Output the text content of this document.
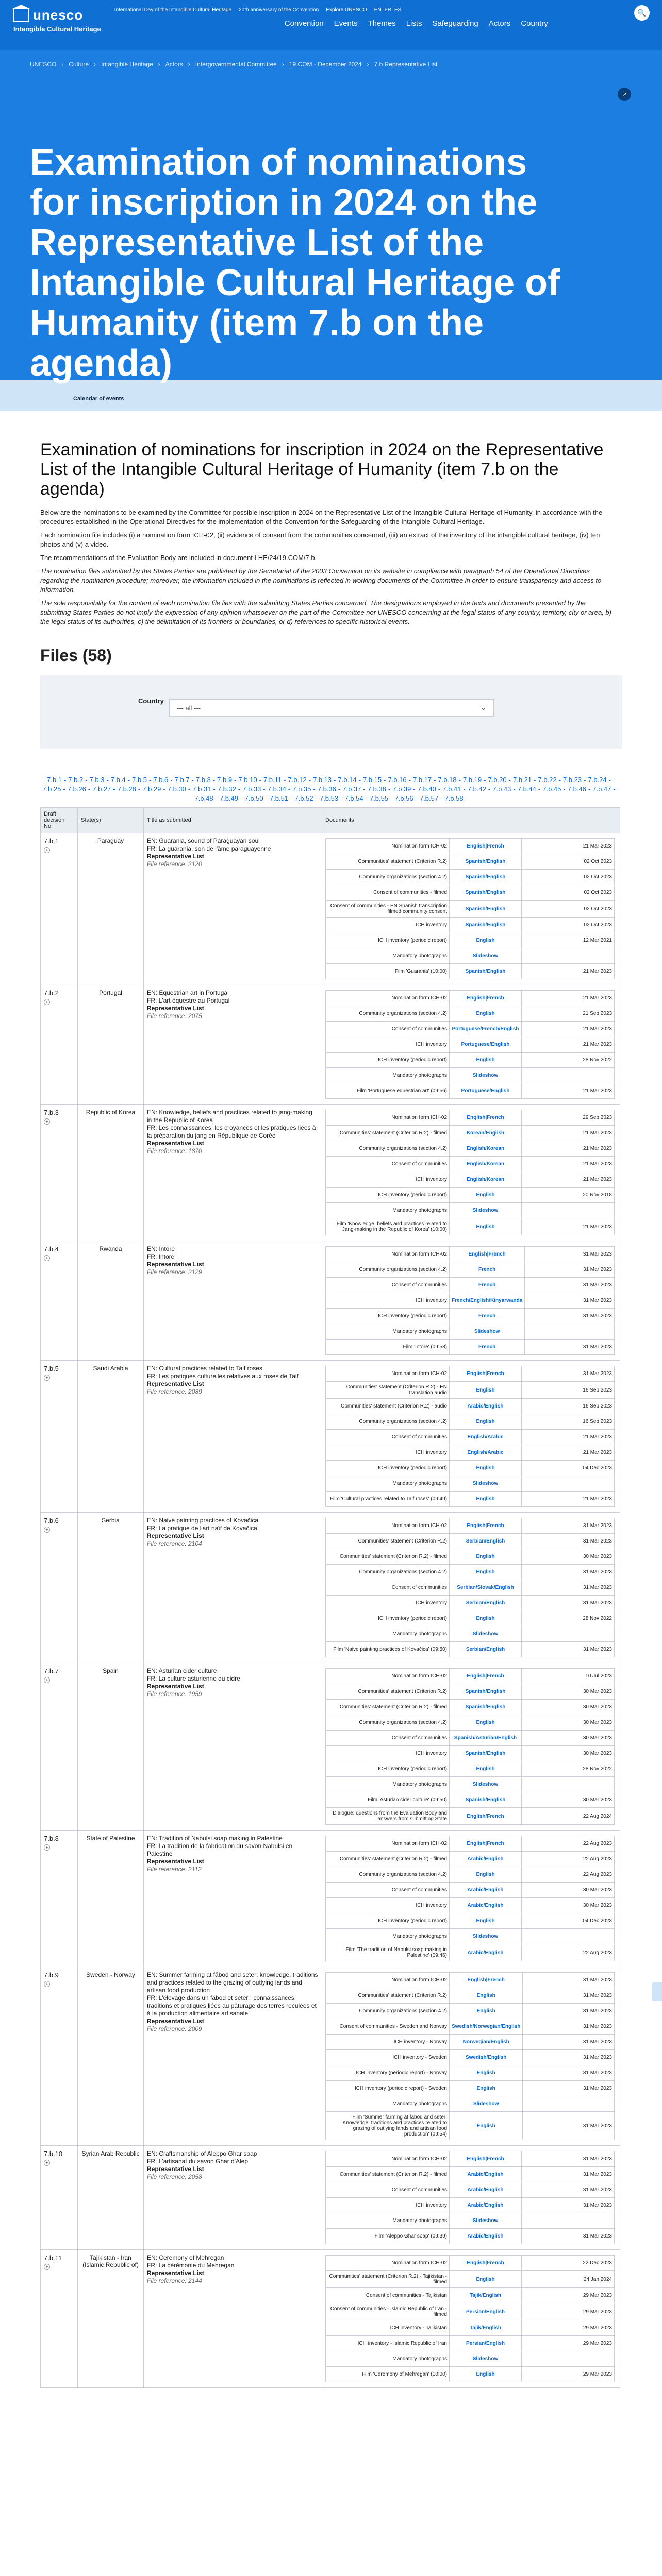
unesco
Intangible Cultural Heritage
International Day of the Intangible Cultural Heritage 20th anniversary of the Convention Explore UNESCO EN FR ES
Convention Events Themes Lists Safeguarding Actors Country
🔍
UNESCO › Culture › Intangible Heritage › Actors › Intergovernmental Committee › 19.COM - December 2024 › 7.b Representative List
↗
Examination of nominations for inscription in 2024 on the Representative List of the Intangible Cultural Heritage of Humanity (item 7.b on the agenda)
Calendar of events
Examination of nominations for inscription in 2024 on the Representative List of the Intangible Cultural Heritage of Humanity (item 7.b on the agenda)

Below are the nominations to be examined by the Committee for possible inscription in 2024 on the Representative List of the Intangible Cultural Heritage of Humanity, in accordance with the procedures established in the Operational Directives for the implementation of the Convention for the Safeguarding of the Intangible Cultural Heritage.

Each nomination file includes (i) a nomination form ICH-02, (ii) evidence of consent from the communities concerned, (iii) an extract of the inventory of the intangible cultural heritage, (iv) ten photos and (v) a video.

The recommendations of the Evaluation Body are included in document LHE/24/19.COM/7.b.

The nomination files submitted by the States Parties are published by the Secretariat of the 2003 Convention on its website in compliance with paragraph 54 of the Operational Directives regarding the nomination procedure; moreover, the information included in the nominations is reflected in working documents of the Committee in order to ensure transparency and access to information.

The sole responsibility for the content of each nomination file lies with the submitting States Parties concerned. The designations employed in the texts and documents presented by the submitting States Parties do not imply the expression of any opinion whatsoever on the part of the Committee nor UNESCO concerning at the legal status of any country, territory, city or area, b) the legal status of its authorities, c) the delimitation of its frontiers or boundaries, or d) references to specific historical events.

Files (58)
Country
--- all ---	⌄
7.b.1 - 7.b.2 - 7.b.3 - 7.b.4 - 7.b.5 - 7.b.6 - 7.b.7 - 7.b.8 - 7.b.9 - 7.b.10 - 7.b.11 - 7.b.12 - 7.b.13 - 7.b.14 - 7.b.15 - 7.b.16 - 7.b.17 - 7.b.18 - 7.b.19 - 7.b.20 - 7.b.21 - 7.b.22 - 7.b.23 - 7.b.24 -7.b.25 - 7.b.26 - 7.b.27 - 7.b.28 - 7.b.29 - 7.b.30 - 7.b.31 - 7.b.32 - 7.b.33 - 7.b.34 - 7.b.35 - 7.b.36 - 7.b.37 - 7.b.38 - 7.b.39 - 7.b.40 - 7.b.41 - 7.b.42 - 7.b.43 - 7.b.44 - 7.b.45 - 7.b.46 - 7.b.47 -7.b.48 - 7.b.49 - 7.b.50 - 7.b.51 - 7.b.52 - 7.b.53 - 7.b.54 - 7.b.55 - 7.b.56 - 7.b.57 - 7.b.58
Draft decision No.	State(s)	Title as submitted	Documents

7.b.1
+	Paraguay	EN: Guarania, sound of Paraguayan soul
FR: La guarania, son de l'âme paraguayenne
Representative List
File reference: 2120

Nomination form ICH-02	English|French	21 Mar 2023
Communities' statement (Criterion R.2)	Spanish/English	02 Oct 2023
Community organizations (section 4.2)	Spanish/English	02 Oct 2023
Consent of communities - filmed	Spanish/English	02 Oct 2023
Consent of communities - EN Spanish transcription filmed community consent	Spanish/English	02 Oct 2023
ICH inventory	Spanish/English	02 Oct 2023
ICH inventory (periodic report)	English	12 Mar 2021
Mandatory photographs	Slideshow	
Film 'Guarania' (10:00)	Spanish/English	21 Mar 2023

7.b.2
+	Portugal	EN: Equestrian art in Portugal
FR: L'art équestre au Portugal
Representative List
File reference: 2075

Nomination form ICH-02	English|French	21 Mar 2023
Community organizations (section 4.2)	English	21 Sep 2023
Consent of communities	Portuguese/French/English	21 Mar 2023
ICH inventory	Portuguese/English	21 Mar 2023
ICH inventory (periodic report)	English	28 Nov 2022
Mandatory photographs	Slideshow	
Film 'Portuguese equestrian art' (09:56)	Portuguese/English	21 Mar 2023

7.b.3
+	Republic of Korea	EN: Knowledge, beliefs and practices related to jang-making in the Republic of Korea
FR: Les connaissances, les croyances et les pratiques liées à la préparation du jang en République de Corée
Representative List
File reference: 1870

Nomination form ICH-02	English|French	29 Sep 2023
Communities' statement (Criterion R.2) - filmed	Korean/English	21 Mar 2023
Community organizations (section 4.2)	English/Korean	21 Mar 2023
Consent of communities	English/Korean	21 Mar 2023
ICH inventory	English/Korean	21 Mar 2023
ICH inventory (periodic report)	English	20 Nov 2018
Mandatory photographs	Slideshow	
Film 'Knowledge, beliefs and practices related to Jang-making in the Republic of Korea' (10:00)	English	21 Mar 2023

7.b.4
+	Rwanda	EN: Intore
FR: Intore
Representative List
File reference: 2129

Nomination form ICH-02	English|French	31 Mar 2023
Community organizations (section 4.2)	French	31 Mar 2023
Consent of communities	French	31 Mar 2023
ICH inventory	French/English/Kinyarwanda	31 Mar 2023
ICH inventory (periodic report)	French	31 Mar 2023
Mandatory photographs	Slideshow	
Film 'Intore' (09:58)	French	31 Mar 2023

7.b.5
+	Saudi Arabia	EN: Cultural practices related to Taif roses
FR: Les pratiques culturelles relatives aux roses de Taif
Representative List
File reference: 2089

Nomination form ICH-02	English|French	31 Mar 2023
Communities' statement (Criterion R.2) - EN translation audio	English	16 Sep 2023
Communities' statement (Criterion R.2) - audio	Arabic/English	16 Sep 2023
Community organizations (section 4.2)	English	16 Sep 2023
Consent of communities	English/Arabic	21 Mar 2023
ICH inventory	English/Arabic	21 Mar 2023
ICH inventory (periodic report)	English	04 Dec 2023
Mandatory photographs	Slideshow	
Film 'Cultural practices related to Taif roses' (09:49)	English	21 Mar 2023

7.b.6
+	Serbia	EN: Naive painting practices of Kovačica
FR: La pratique de l'art naïf de Kovačica
Representative List
File reference: 2104

Nomination form ICH-02	English|French	31 Mar 2023
Communities' statement (Criterion R.2)	Serbian/English	31 Mar 2023
Communities' statement (Criterion R.2) - filmed	English	30 Mar 2023
Community organizations (section 4.2)	English	31 Mar 2023
Consent of communities	Serbian/Slovak/English	31 Mar 2023
ICH inventory	Serbian/English	31 Mar 2023
ICH inventory (periodic report)	English	28 Nov 2022
Mandatory photographs	Slideshow	
Film 'Naive painting practices of Kovačica' (09:50)	Serbian/English	31 Mar 2023

7.b.7
+	Spain	EN: Asturian cider culture
FR: La culture asturienne du cidre
Representative List
File reference: 1959

Nomination form ICH-02	English|French	10 Jul 2023
Communities' statement (Criterion R.2)	Spanish/English	30 Mar 2023
Communities' statement (Criterion R.2) - filmed	Spanish/English	30 Mar 2023
Community organizations (section 4.2)	English	30 Mar 2023
Consent of communities	Spanish/Asturian/English	30 Mar 2023
ICH inventory	Spanish/English	30 Mar 2023
ICH inventory (periodic report)	English	28 Nov 2022
Mandatory photographs	Slideshow	
Film 'Asturian cider culture' (09:50)	Spanish/English	30 Mar 2023
Dialogue: questions from the Evaluation Body and answers from submitting State	English/French	22 Aug 2024

7.b.8
+	State of Palestine	EN: Tradition of Nabulsi soap making in Palestine
FR: La tradition de la fabrication du savon Nabulsi en Palestine
Representative List
File reference: 2112

Nomination form ICH-02	English|French	22 Aug 2023
Communities' statement (Criterion R.2) - filmed	Arabic/English	22 Aug 2023
Community organizations (section 4.2)	English	22 Aug 2023
Consent of communities	Arabic/English	30 Mar 2023
ICH inventory	Arabic/English	30 Mar 2023
ICH inventory (periodic report)	English	04 Dec 2023
Mandatory photographs	Slideshow	
Film 'The tradition of Nabulsi soap making in Palestine' (09:46)	Arabic/English	22 Aug 2023

7.b.9
+	Sweden - Norway	EN: Summer farming at fäbod and seter: knowledge, traditions and practices related to the grazing of outlying lands and artisan food production
FR: L'élevage dans un fäbod et seter : connaissances, traditions et pratiques liées au pâturage des terres reculées et à la production alimentaire artisanale
Representative List
File reference: 2009

Nomination form ICH-02	English|French	31 Mar 2023
Communities' statement (Criterion R.2)	English	31 Mar 2023
Community organizations (section 4.2)	English	31 Mar 2023
Consent of communities - Sweden and Norway	Swedish/Norwegian/English	31 Mar 2023
ICH inventory - Norway	Norwegian/English	31 Mar 2023
ICH inventory - Sweden	Swedish/English	31 Mar 2023
ICH inventory (periodic report) - Norway	English	31 Mar 2023
ICH inventory (periodic report) - Sweden	English	31 Mar 2023
Mandatory photographs	Slideshow	
Film 'Summer farming at fäbod and seter: Knowledge, traditions and practices related to grazing of outlying lands and artisan food production' (09:54)	English	31 Mar 2023

7.b.10
+	Syrian Arab Republic	EN: Craftsmanship of Aleppo Ghar soap
FR: L'artisanat du savon Ghar d'Alep
Representative List
File reference: 2058

Nomination form ICH-02	English|French	31 Mar 2023
Communities' statement (Criterion R.2) - filmed	Arabic/English	31 Mar 2023
Consent of communities	Arabic/English	31 Mar 2023
ICH inventory	Arabic/English	31 Mar 2023
Mandatory photographs	Slideshow	
Film 'Aleppo Ghar soap' (09:39)	Arabic/English	31 Mar 2023

7.b.11
+	Tajikistan - Iran (Islamic Republic of)	
EN: Ceremony of Mehregan
FR: La cérémonie du Mehregan
Representative List
File reference: 2144

Nomination form ICH-02	English|French	22 Dec 2023
Communities' statement (Criterion R.2) - Tajikistan - filmed	English	24 Jan 2024
Consent of communities - Tajikistan	Tajik/English	29 Mar 2023
Consent of communities - Islamic Republic of Iran - filmed	Persian/English	29 Mar 2023
ICH inventory - Tajikistan	Tajik/English	29 Mar 2023
ICH inventory - Islamic Republic of Iran	Persian/English	29 Mar 2023
Mandatory photographs	Slideshow	
Film 'Ceremony of Mehregan' (10:00)	English	29 Mar 2023
